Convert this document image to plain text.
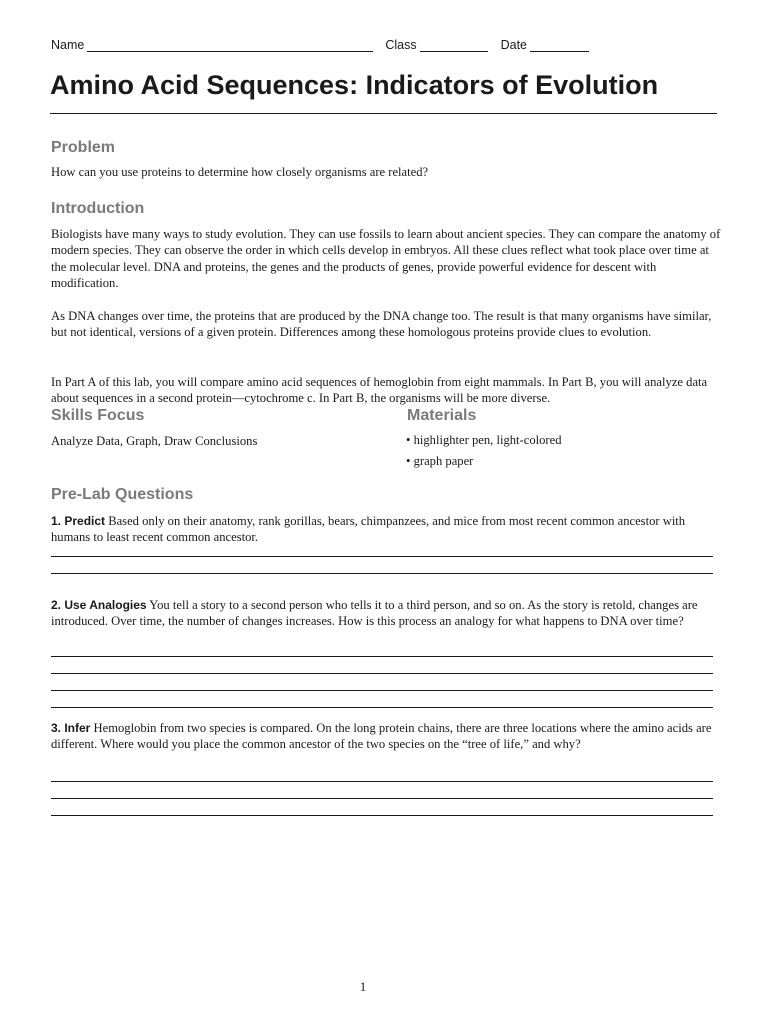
Name	Class	Date
Amino Acid Sequences: Indicators of Evolution
Problem

How can you use proteins to determine how closely organisms are related?

Introduction

Biologists have many ways to study evolution. They can use fossils to learn about ancient species. They can compare the anatomy of modern species. They can observe the order in which cells develop in embryos. All these clues reflect what took place over time at the molecular level. DNA and proteins, the genes and the products of genes, provide powerful evidence for descent with modification.

As DNA changes over time, the proteins that are produced by the DNA change too. The result is that many organisms have similar, but not identical, versions of a given protein. Differences among these homologous proteins provide clues to evolution.

In Part A of this lab, you will compare amino acid sequences of hemoglobin from eight mammals. In Part B, you will analyze data about sequences in a second protein—cytochrome c. In Part B, the organisms will be more diverse.

Skills Focus

Analyze Data, Graph, Draw Conclusions

Materials
• highlighter pen, light-colored
• graph paper
Pre-Lab Questions

1. Predict Based only on their anatomy, rank gorillas, bears, chimpanzees, and mice from most recent common ancestor with humans to least recent common ancestor.

2. Use Analogies You tell a story to a second person who tells it to a third person, and so on. As the story is retold, changes are introduced. Over time, the number of changes increases. How is this process an analogy for what happens to DNA over time?

3. Infer Hemoglobin from two species is compared. On the long protein chains, there are three locations where the amino acids are different. Where would you place the common ancestor of the two species on the “tree of life,” and why?

1
